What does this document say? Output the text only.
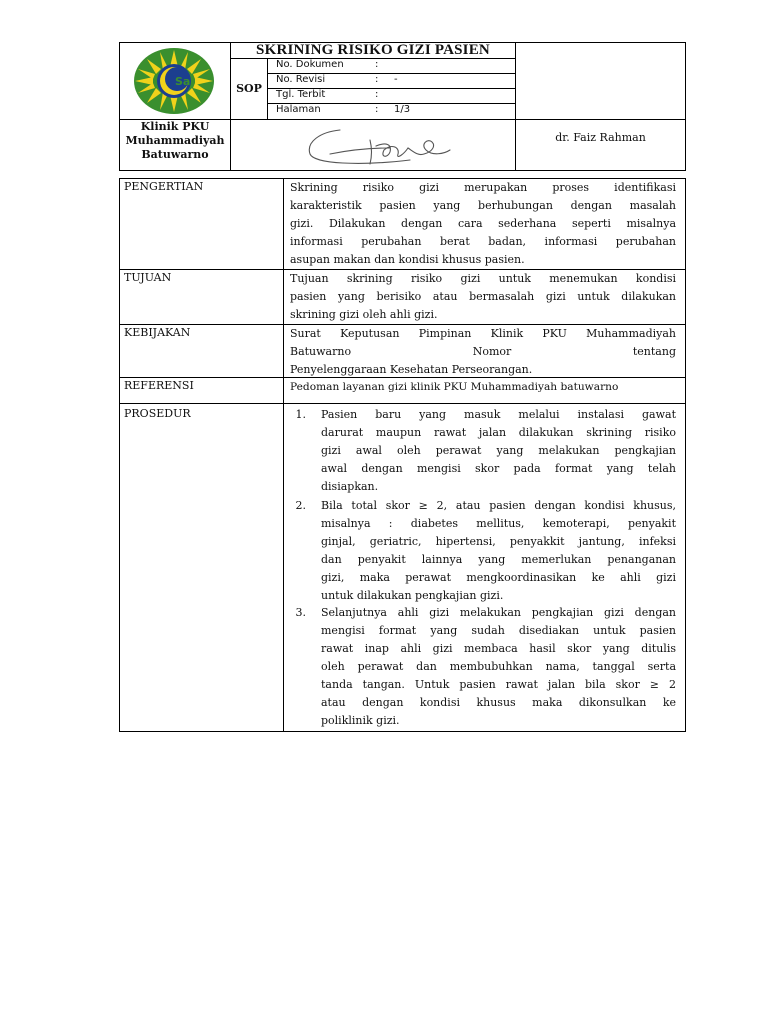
Sa
SKRINING RISIKO GIZI PASIEN
SOP
No. Dokumen	:
No. Revisi	: -
Tgl. Terbit	:
Halaman	: 1/3
Klinik PKU
Muhammadiyah
Batuwarno
dr. Faiz Rahman
PENGERTIAN	Skrining risiko gizi merupakan proses identifikasi
karakteristik pasien yang berhubungan dengan masalah
gizi. Dilakukan dengan cara sederhana seperti misalnya
informasi perubahan berat badan, informasi perubahan
asupan makan dan kondisi khusus pasien.
TUJUAN	Tujuan skrining risiko gizi untuk menemukan kondisi
pasien yang berisiko atau bermasalah gizi untuk dilakukan
skrining gizi oleh ahli gizi.
KEBIJAKAN	Surat Keputusan Pimpinan Klinik PKU Muhammadiyah
Batuwarno Nomor tentang
Penyelenggaraan Kesehatan Perseorangan.
REFERENSI	Pedoman layanan gizi klinik PKU Muhammadiyah batuwarno
PROSEDUR	1. Pasien baru yang masuk melalui instalasi gawat
darurat maupun rawat jalan dilakukan skrining risiko
gizi awal oleh perawat yang melakukan pengkajian
awal dengan mengisi skor pada format yang telah
disiapkan.
2. Bila total skor ≥ 2, atau pasien dengan kondisi khusus,
misalnya : diabetes mellitus, kemoterapi, penyakit
ginjal, geriatric, hipertensi, penyakkit jantung, infeksi
dan penyakit lainnya yang memerlukan penanganan
gizi, maka perawat mengkoordinasikan ke ahli gizi
untuk dilakukan pengkajian gizi.
3. Selanjutnya ahli gizi melakukan pengkajian gizi dengan
mengisi format yang sudah disediakan untuk pasien
rawat inap ahli gizi membaca hasil skor yang ditulis
oleh perawat dan membubuhkan nama, tanggal serta
tanda tangan. Untuk pasien rawat jalan bila skor ≥ 2
atau dengan kondisi khusus maka dikonsulkan ke
poliklinik gizi.
